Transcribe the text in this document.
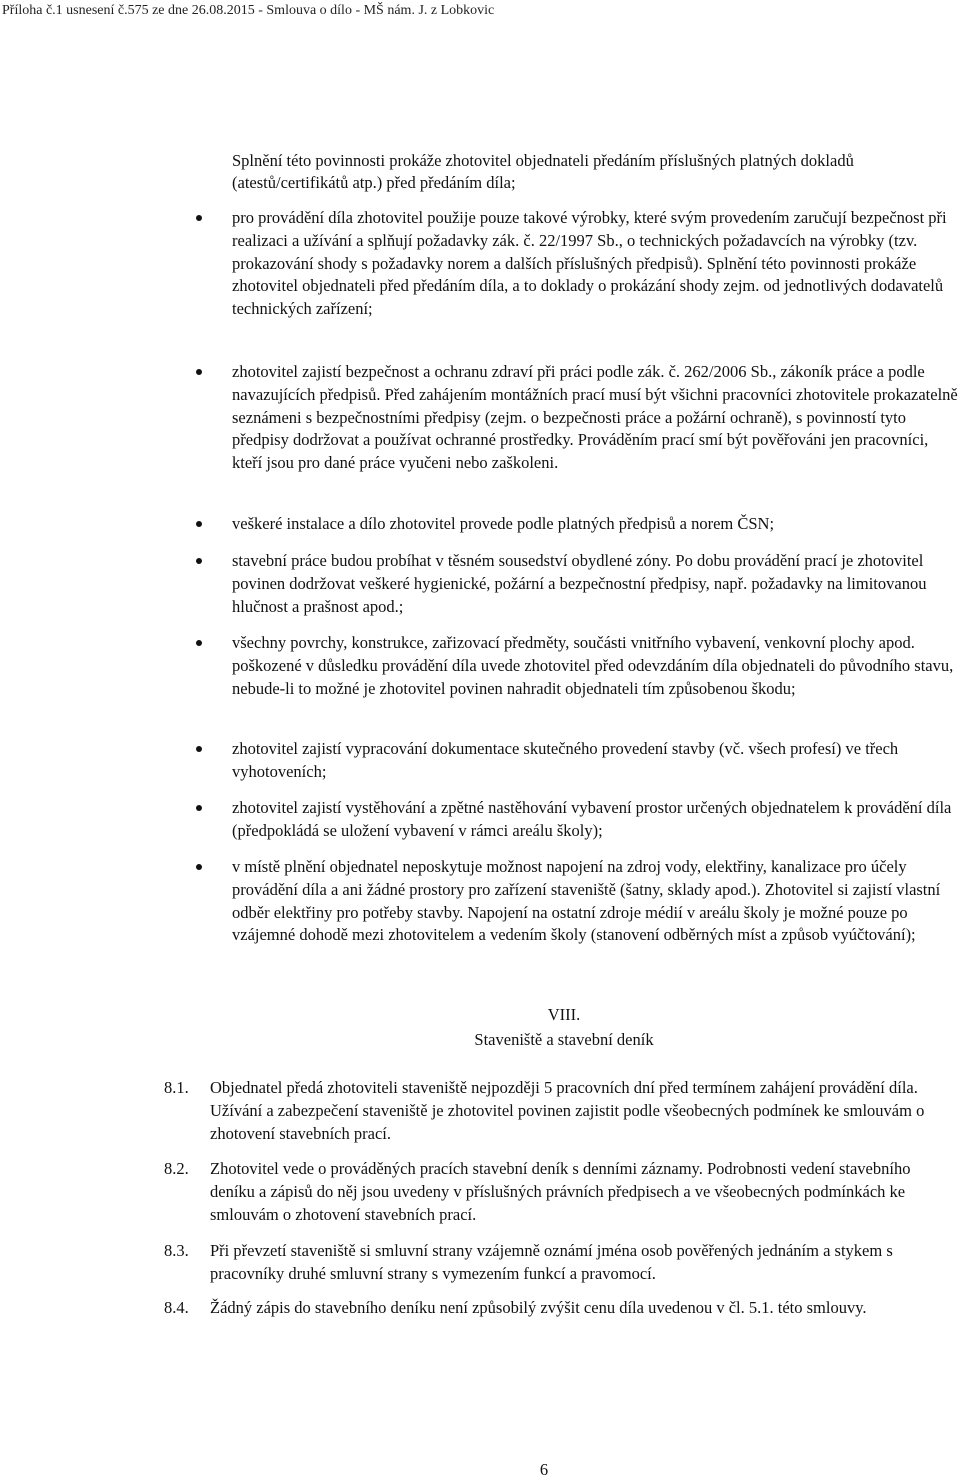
Příloha č.1 usnesení č.575 ze dne 26.08.2015 - Smlouva o dílo - MŠ nám. J. z Lobkovic
Splnění této povinnosti prokáže zhotovitel objednateli předáním příslušných platných dokladů (atestů/certifikátů atp.) před předáním díla;
pro provádění díla zhotovitel použije pouze takové výrobky, které svým provedením zaručují bezpečnost při realizaci a užívání a splňují požadavky zák. č. 22/1997 Sb., o technických požadavcích na výrobky (tzv. prokazování shody s požadavky norem a dalších příslušných předpisů). Splnění této povinnosti prokáže zhotovitel objednateli před předáním díla, a to doklady o prokázání shody zejm. od jednotlivých dodavatelů technických zařízení;
zhotovitel zajistí bezpečnost a ochranu zdraví při práci podle zák. č. 262/2006 Sb., zákoník práce a podle navazujících předpisů. Před zahájením montážních prací musí být všichni pracovníci zhotovitele prokazatelně seznámeni s bezpečnostními předpisy (zejm. o bezpečnosti práce a požární ochraně), s povinností tyto předpisy dodržovat a používat ochranné prostředky. Prováděním prací smí být pověřováni jen pracovníci, kteří jsou pro dané práce vyučeni nebo zaškoleni.
veškeré instalace a dílo zhotovitel provede podle platných předpisů a norem ČSN;
stavební práce budou probíhat v těsném sousedství obydlené zóny. Po dobu provádění prací je zhotovitel povinen dodržovat veškeré hygienické, požární a bezpečnostní předpisy, např. požadavky na limitovanou hlučnost a prašnost apod.;
všechny povrchy, konstrukce, zařizovací předměty, součásti vnitřního vybavení, venkovní plochy apod. poškozené v důsledku provádění díla uvede zhotovitel před odevzdáním díla objednateli do původního stavu, nebude-li to možné je zhotovitel povinen nahradit objednateli tím způsobenou škodu;
zhotovitel zajistí vypracování dokumentace skutečného provedení stavby (vč. všech profesí) ve třech vyhotoveních;
zhotovitel zajistí vystěhování a zpětné nastěhování vybavení prostor určených objednatelem k provádění díla (předpokládá se uložení vybavení v rámci areálu školy);
v místě plnění objednatel neposkytuje možnost napojení na zdroj vody, elektřiny, kanalizace pro účely provádění díla a ani žádné prostory pro zařízení staveniště (šatny, sklady apod.). Zhotovitel si zajistí vlastní odběr elektřiny pro potřeby stavby. Napojení na ostatní zdroje médií v areálu školy je možné pouze po vzájemné dohodě mezi zhotovitelem a vedením školy (stanovení odběrných míst a způsob vyúčtování);
VIII.
Staveniště a stavební deník
8.1.	Objednatel předá zhotoviteli staveniště nejpozději 5 pracovních dní před termínem zahájení provádění díla. Užívání a zabezpečení staveniště je zhotovitel povinen zajistit podle všeobecných podmínek ke smlouvám o zhotovení stavebních prací.
8.2.	Zhotovitel vede o prováděných pracích stavební deník s denními záznamy. Podrobnosti vedení stavebního deníku a zápisů do něj jsou uvedeny v příslušných právních předpisech a ve všeobecných podmínkách ke smlouvám o zhotovení stavebních prací.
8.3.	Při převzetí staveniště si smluvní strany vzájemně oznámí jména osob pověřených jednáním a stykem s pracovníky druhé smluvní strany s vymezením funkcí a pravomocí.
8.4.	Žádný zápis do stavebního deníku není způsobilý zvýšit cenu díla uvedenou v čl. 5.1. této smlouvy.
6
